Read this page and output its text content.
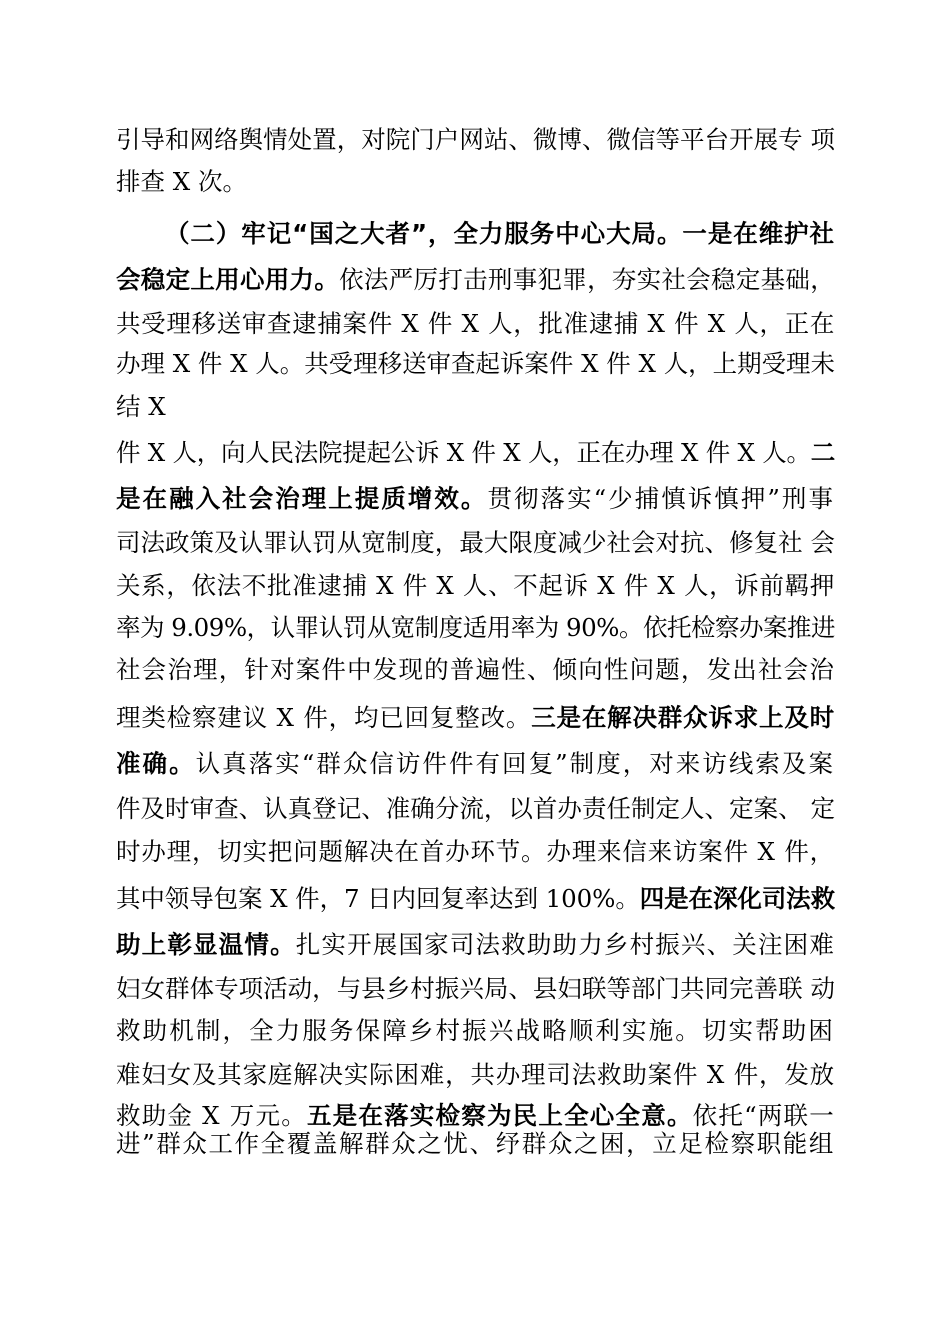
引导和网络舆情处置，对院门户网站、微博、微信等平台开展专 项
排查 X 次。
（二）牢记“国之大者”，全力服务中心大局。一是在维护社
会稳定上用心用力。依法严厉打击刑事犯罪，夯实社会稳定基础，
共受理移送审查逮捕案件 X 件 X 人，批准逮捕 X 件 X 人，正在
办理 X 件 X 人。共受理移送审查起诉案件 X 件 X 人，上期受理未
结 X
件 X 人，向人民法院提起公诉 X 件 X 人，正在办理 X 件 X 人。二
是在融入社会治理上提质增效。贯彻落实“少捕慎诉慎押”刑事
司法政策及认罪认罚从宽制度，最大限度减少社会对抗、修复社 会
关系，依法不批准逮捕 X 件 X 人、不起诉 X 件 X 人，诉前羁押
率为 9.09%，认罪认罚从宽制度适用率为 90%。依托检察办案推进
社会治理，针对案件中发现的普遍性、倾向性问题，发出社会治
理类检察建议 X 件，均已回复整改。三是在解决群众诉求上及时
准确。认真落实“群众信访件件有回复”制度，对来访线索及案
件及时审查、认真登记、准确分流，以首办责任制定人、定案、 定
时办理，切实把问题解决在首办环节。办理来信来访案件 X 件，
其中领导包案 X 件，7 日内回复率达到 100%。四是在深化司法救
助上彰显温情。扎实开展国家司法救助助力乡村振兴、关注困难
妇女群体专项活动，与县乡村振兴局、县妇联等部门共同完善联 动
救助机制，全力服务保障乡村振兴战略顺利实施。切实帮助困
难妇女及其家庭解决实际困难，共办理司法救助案件 X 件，发放
救助金 X 万元。五是在落实检察为民上全心全意。依托“两联一
进”群众工作全覆盖解群众之忧、纾群众之困，立足检察职能组
